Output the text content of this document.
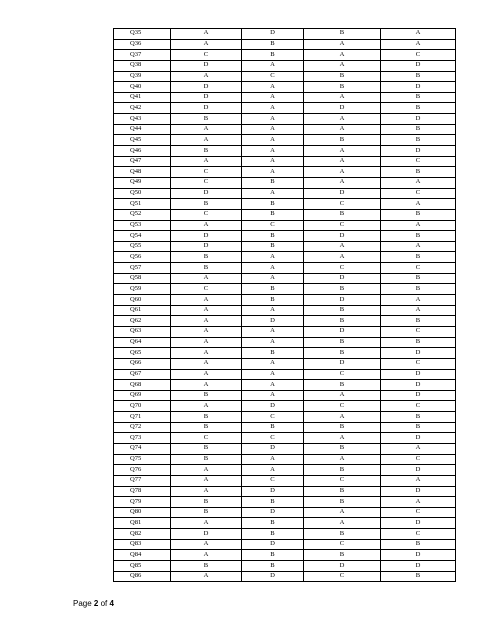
Q35	A	D	B	A
Q36	A	B	A	A
Q37	C	B	A	C
Q38	D	A	A	D
Q39	A	C	B	B
Q40	D	A	B	D
Q41	D	A	A	B
Q42	D	A	D	B
Q43	B	A	A	D
Q44	A	A	A	B
Q45	A	A	B	B
Q46	B	A	A	D
Q47	A	A	A	C
Q48	C	A	A	B
Q49	C	B	A	A
Q50	D	A	D	C
Q51	B	B	C	A
Q52	C	B	B	B
Q53	A	C	C	A
Q54	D	B	D	B
Q55	D	B	A	A
Q56	B	A	A	B
Q57	B	A	C	C
Q58	A	A	D	B
Q59	C	B	B	B
Q60	A	B	D	A
Q61	A	A	B	A
Q62	A	D	B	B
Q63	A	A	D	C
Q64	A	A	B	B
Q65	A	B	B	D
Q66	A	A	D	C
Q67	A	A	C	D
Q68	A	A	B	D
Q69	B	A	A	D
Q70	A	D	C	C
Q71	B	C	A	B
Q72	B	B	B	B
Q73	C	C	A	D
Q74	B	D	B	A
Q75	B	A	A	C
Q76	A	A	B	D
Q77	A	C	C	A
Q78	A	D	B	D
Q79	B	B	B	A
Q80	B	D	A	C
Q81	A	B	A	D
Q82	D	B	B	C
Q83	A	D	C	B
Q84	A	B	B	D
Q85	B	B	D	D
Q86	A	D	C	B
Page 2 of 4
